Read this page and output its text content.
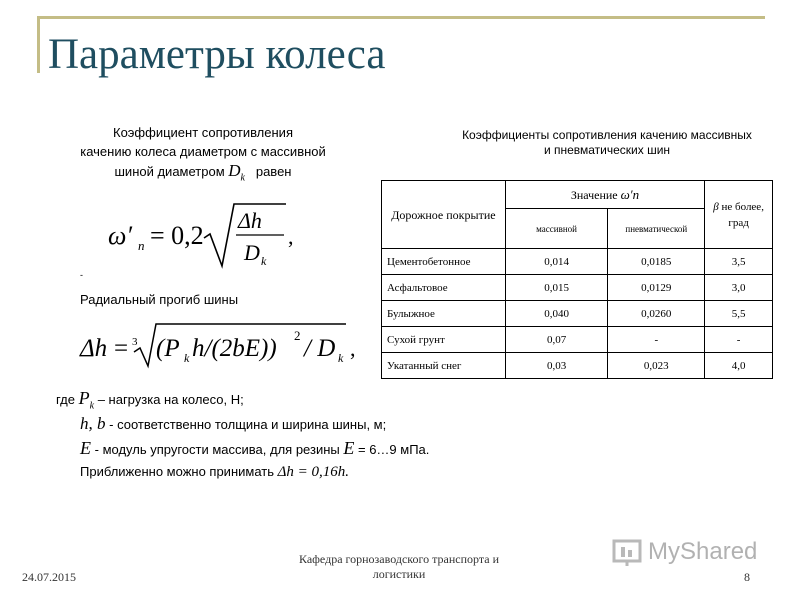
Параметры колеса
Коэффициент сопротивления
качению колеса диаметром с массивной
шиной диаметром $D_k$ равен
ω′ n = 0,2
Δh
D k
,
-
Радиальный прогиб шины
Δh = 3 (P k h/(2bE)) 2 / D k ,
Коэффициенты сопротивления качению массивных
и пневматических шин
Дорожное покрытие	Значение ω′n		β не более, град
	массивной	пневматической	
Цементобетонное	0,014	0,0185	3,5
Асфальтовое	0,015	0,0129	3,0
Булыжное	0,040	0,0260	5,5
Сухой грунт	0,07	-	-
Укатанный снег	0,03	0,023	4,0
где $P_k$ – нагрузка на колесо, Н;
h, b - соответственно толщина и ширина шины, м;
E - модуль упругости массива, для резины E = 6…9 мПа.
Приближенно можно принимать Δh = 0,16h.
24.07.2015
Кафедра горнозаводского транспорта и
логистики	8
MyShared
